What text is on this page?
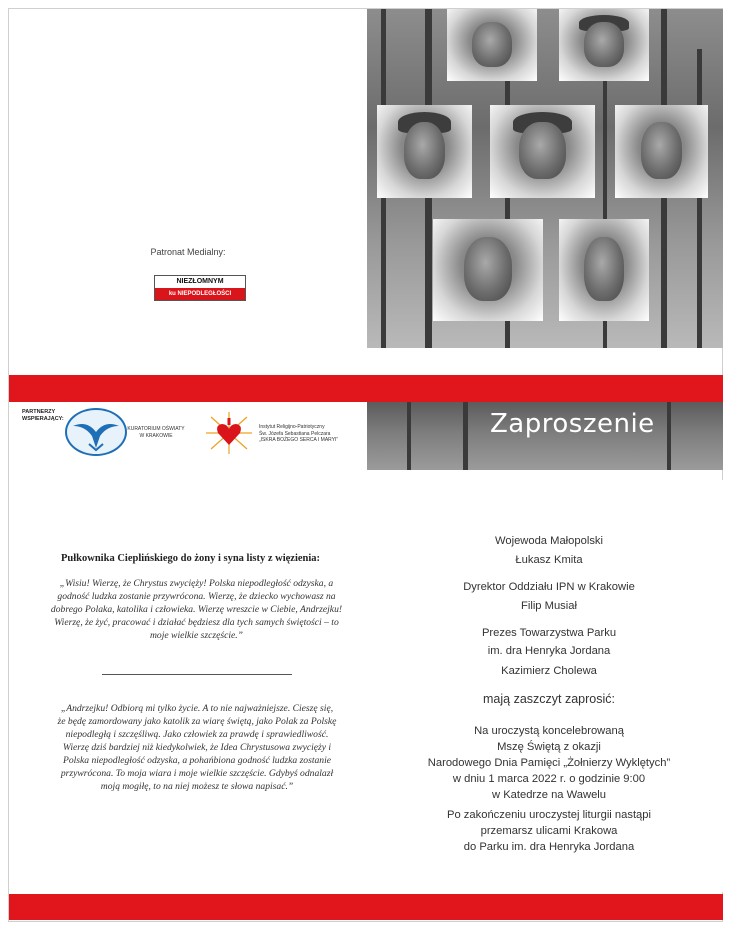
Patronat Medialny:
NIEZŁOMNYM
ku NIEPODLEGŁOŚCI
PARTNERZY
WSPIERAJĄCY:
KURATORIUM OŚWIATY
W KRAKOWIE
Instytut Religijno-Patriotyczny
Św. Józefa Sebastiana Pelczara
„ISKRA BOŻEGO SERCA I MARYI”
Zaproszenie
Pułkownika Cieplińskiego do żony i syna listy z więzienia:
„Wisiu! Wierzę, że Chrystus zwycięży! Polska niepodległość odzyska, a godność ludzka zostanie przywrócona. Wierzę, że dziecko wychowasz na dobrego Polaka, katolika i człowieka. Wierzę wreszcie w Ciebie, Andrzejku! Wierzę, że żyć, pracować i działać będziesz dla tych samych świętości – to moje wielkie szczęście.”
„Andrzejku! Odbiorą mi tylko życie. A to nie najważniejsze. Cieszę się, że będę zamordowany jako katolik za wiarę świętą, jako Polak za Polskę niepodległą i szczęśliwą. Jako człowiek za prawdę i sprawiedliwość. Wierzę dziś bardziej niż kiedykolwiek, że Idea Chrystusowa zwycięży i Polska niepodległość odzyska, a pohańbiona godność ludzka zostanie przywrócona. To moja wiara i moje wielkie szczęście. Gdybyś odnalazł moją mogiłę, to na niej możesz te słowa napisać.”
Wojewoda Małopolski
Łukasz Kmita
Dyrektor Oddziału IPN w Krakowie
Filip Musiał
Prezes Towarzystwa Parku
im. dra Henryka Jordana
Kazimierz Cholewa
mają zaszczyt zaprosić:
Na uroczystą koncelebrowaną
Mszę Świętą z okazji
Narodowego Dnia Pamięci „Żołnierzy Wyklętych”
w dniu 1 marca 2022 r. o godzinie 9:00
w Katedrze na Wawelu
Po zakończeniu uroczystej liturgii nastąpi
przemarsz ulicami Krakowa
do Parku im. dra Henryka Jordana
